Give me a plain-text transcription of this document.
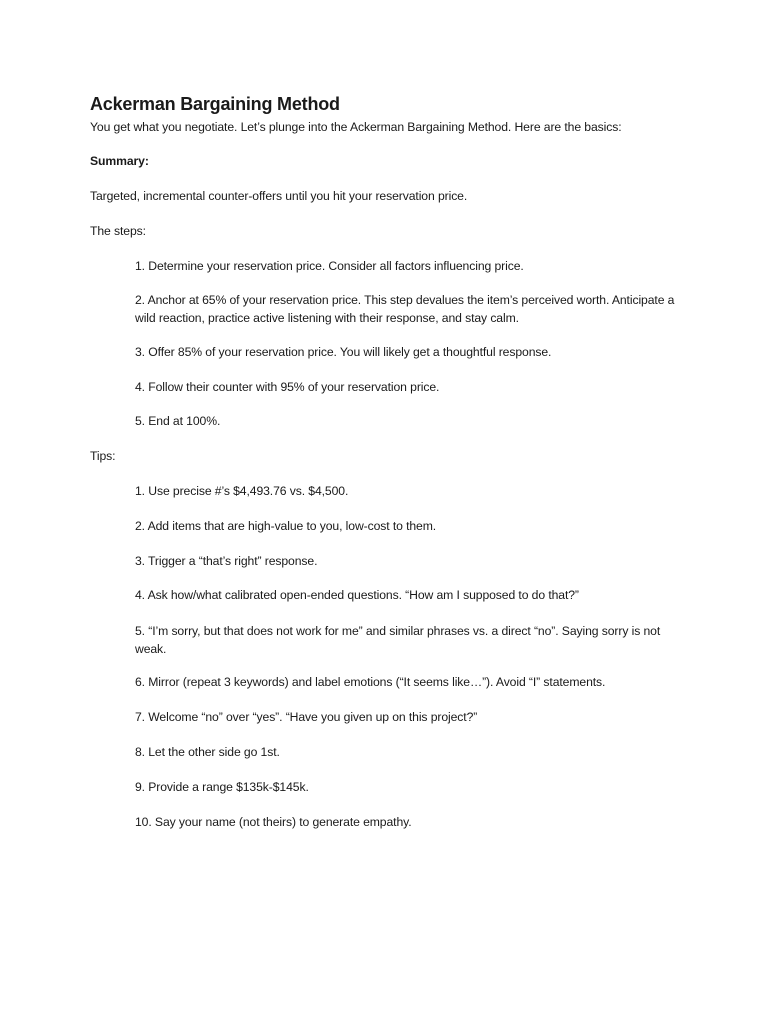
Ackerman Bargaining Method

You get what you negotiate. Let’s plunge into the Ackerman Bargaining Method. Here are the basics:

Summary:

Targeted, incremental counter-offers until you hit your reservation price.

The steps:

1. Determine your reservation price. Consider all factors influencing price.

2. Anchor at 65% of your reservation price. This step devalues the item’s perceived worth. Anticipate a wild reaction, practice active listening with their response, and stay calm.

3. Offer 85% of your reservation price. You will likely get a thoughtful response.

4. Follow their counter with 95% of your reservation price.

5. End at 100%.

Tips:

1. Use precise #’s $4,493.76 vs. $4,500.

2. Add items that are high-value to you, low-cost to them.

3. Trigger a “that’s right” response.

4. Ask how/what calibrated open-ended questions. “How am I supposed to do that?”

5. “I’m sorry, but that does not work for me” and similar phrases vs. a direct “no”. Saying sorry is not weak.

6. Mirror (repeat 3 keywords) and label emotions (“It seems like…”). Avoid “I” statements.

7. Welcome “no” over “yes”. “Have you given up on this project?”

8. Let the other side go 1st.

9. Provide a range $135k-$145k.

10. Say your name (not theirs) to generate empathy.
